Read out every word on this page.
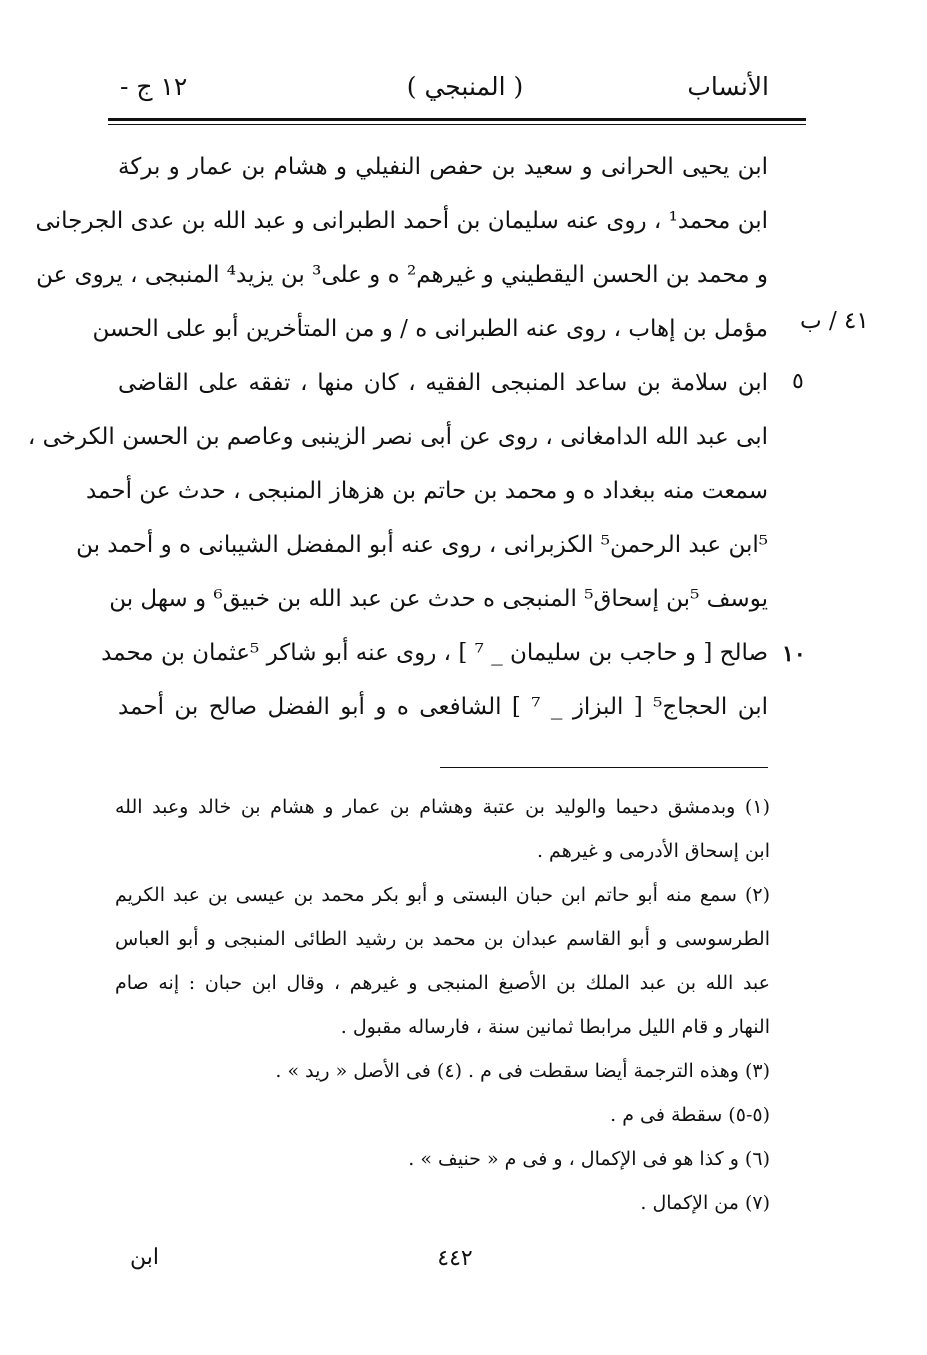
الأنساب
( المنبجي )
١٢ ج -
٤١ / ب
٥
١٠
ابن يحيى الحرانى و سعيد بن حفص النفيلي و هشام بن عمار و بركة
ابن محمد¹ ، روى عنه سليمان بن أحمد الطبرانى و عبد الله بن عدى الجرجانى
و محمد بن الحسن اليقطيني و غيرهم² ه و على³ بن يزيد⁴ المنبجى ، يروى عن
مؤمل بن إهاب ، روى عنه الطبرانى ه / و من المتأخرين أبو على الحسن
ابن سلامة بن ساعد المنبجى الفقيه ، كان منها ، تفقه على القاضى
ابى عبد الله الدامغانى ، روى عن أبى نصر الزينبى وعاصم بن الحسن الكرخى ،
سمعت منه ببغداد ه و محمد بن حاتم بن هزهاز المنبجى ، حدث عن أحمد
⁵ابن عبد الرحمن⁵ الكزبرانى ، روى عنه أبو المفضل الشيبانى ه و أحمد بن
يوسف ⁵بن إسحاق⁵ المنبجى ه حدث عن عبد الله بن خبيق⁶ و سهل بن
صالح [ و حاجب بن سليمان _ ⁷ ] ، روى عنه أبو شاكر ⁵عثمان بن محمد
ابن الحجاج⁵ [ البزاز _ ⁷ ] الشافعى ه و أبو الفضل صالح بن أحمد
(١) وبدمشق دحيما والوليد بن عتبة وهشام بن عمار و هشام بن خالد وعبد الله
ابن إسحاق الأدرمى و غيرهم .
(٢) سمع منه أبو حاتم ابن حبان البستى و أبو بكر محمد بن عيسى بن عبد الكريم
الطرسوسى و أبو القاسم عبدان بن محمد بن رشيد الطائى المنبجى و أبو العباس
عبد الله بن عبد الملك بن الأصبغ المنبجى و غيرهم ، وقال ابن حبان : إنه صام
النهار و قام الليل مرابطا ثمانين سنة ، فارساله مقبول .
(٣) وهذه الترجمة أيضا سقطت فى م . (٤) فى الأصل « ريد » .
(٥-٥) سقطة فى م .
(٦) و كذا هو فى الإكمال ، و فى م « حنيف » .
(٧) من الإكمال .
٤٤٢
ابن
